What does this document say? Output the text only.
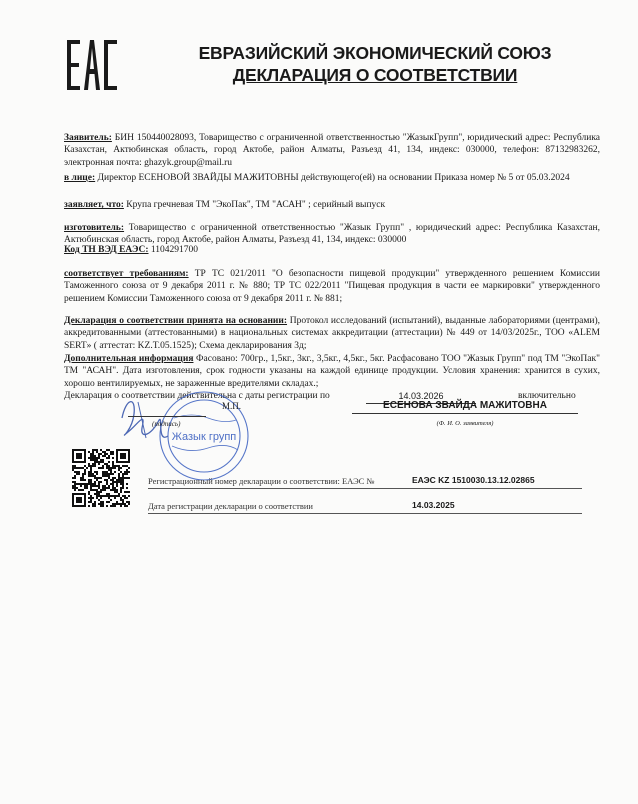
ЕВРАЗИЙСКИЙ ЭКОНОМИЧЕСКИЙ СОЮЗ
ДЕКЛАРАЦИЯ О СООТВЕТСТВИИ
Заявитель: БИН 150440028093, Товарищество с ограниченной ответственностью "ЖазыкГрупп", юридический адрес: Республика Казахстан, Актюбинская область, город Актобе, район Алматы, Разъезд 41, 134, индекс: 030000, телефон: 87132983262, электронная почта: ghazyk.group@mail.ru
в лице: Директор ЕСЕНОВОЙ ЗВАЙДЫ МАЖИТОВНЫ действующего(ей) на основании Приказа номер № 5 от 05.03.2024
заявляет, что: Крупа гречневая ТМ "ЭкоПак", ТМ "АСАН" ; серийный выпуск
изготовитель: Товарищество с ограниченной ответственностью "Жазык Групп" , юридический адрес: Республика Казахстан, Актюбинская область, город Актобе, район Алматы, Разъезд 41, 134, индекс: 030000
Код ТН ВЭД ЕАЭС: 1104291700
соответствует требованиям: ТР ТС 021/2011 "О безопасности пищевой продукции" утвержденного решением Комиссии Таможенного союза от 9 декабря 2011 г. № 880; ТР ТС 022/2011 "Пищевая продукция в части ее маркировки" утвержденного решением Комиссии Таможенного союза от 9 декабря 2011 г. № 881;
Декларация о соответствии принята на основании: Протокол исследований (испытаний), выданные лабораториями (центрами), аккредитованными (аттестованными) в национальных системах аккредитации (аттестации) № 449 от 14/03/2025г., ТОО «ALEM SERT» ( аттестат: KZ.T.05.1525); Схема декларирования 3д;
Дополнительная информация Фасовано: 700гр., 1,5кг., 3кг., 3,5кг., 4,5кг., 5кг. Расфасовано ТОО "Жазык Групп" под ТМ "ЭкоПак" ТМ "АСАН". Дата изготовления, срок годности указаны на каждой единице продукции. Условия хранения: хранится в сухих, хорошо вентилируемых, не зараженные вредителями складах.;
Декларация о соответствии действительна с даты регистрации по	14.03.2026	включительно
Жазык групп
(подпись)
М.П.	ЕСЕНОВА ЗВАЙДА МАЖИТОВНА
(Ф. И. О. заявителя)
Регистрационный номер декларации о соответствии: ЕАЭС №	ЕАЭС KZ 1510030.13.12.02865
Дата регистрации декларации о соответствии	14.03.2025
